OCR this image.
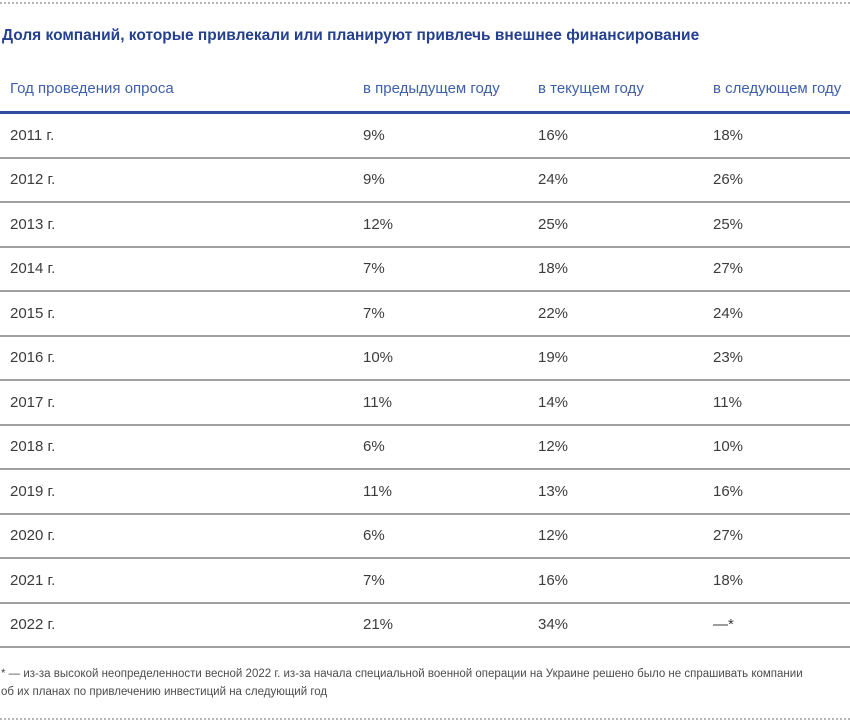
Доля компаний, которые привлекали или планируют привлечь внешнее финансирование
Год проведения опроса	в предыдущем году	в текущем году	в следующем году
2011 г.	9%	16%	18%
2012 г.	9%	24%	26%
2013 г.	12%	25%	25%
2014 г.	7%	18%	27%
2015 г.	7%	22%	24%
2016 г.	10%	19%	23%
2017 г.	11%	14%	11%
2018 г.	6%	12%	10%
2019 г.	11%	13%	16%
2020 г.	6%	12%	27%
2021 г.	7%	16%	18%
2022 г.	21%	34%	—*
* — из-за высокой неопределенности весной 2022 г. из-за начала специальной военной операции на Украине решено было не спрашивать компании
об их планах по привлечению инвестиций на следующий год
